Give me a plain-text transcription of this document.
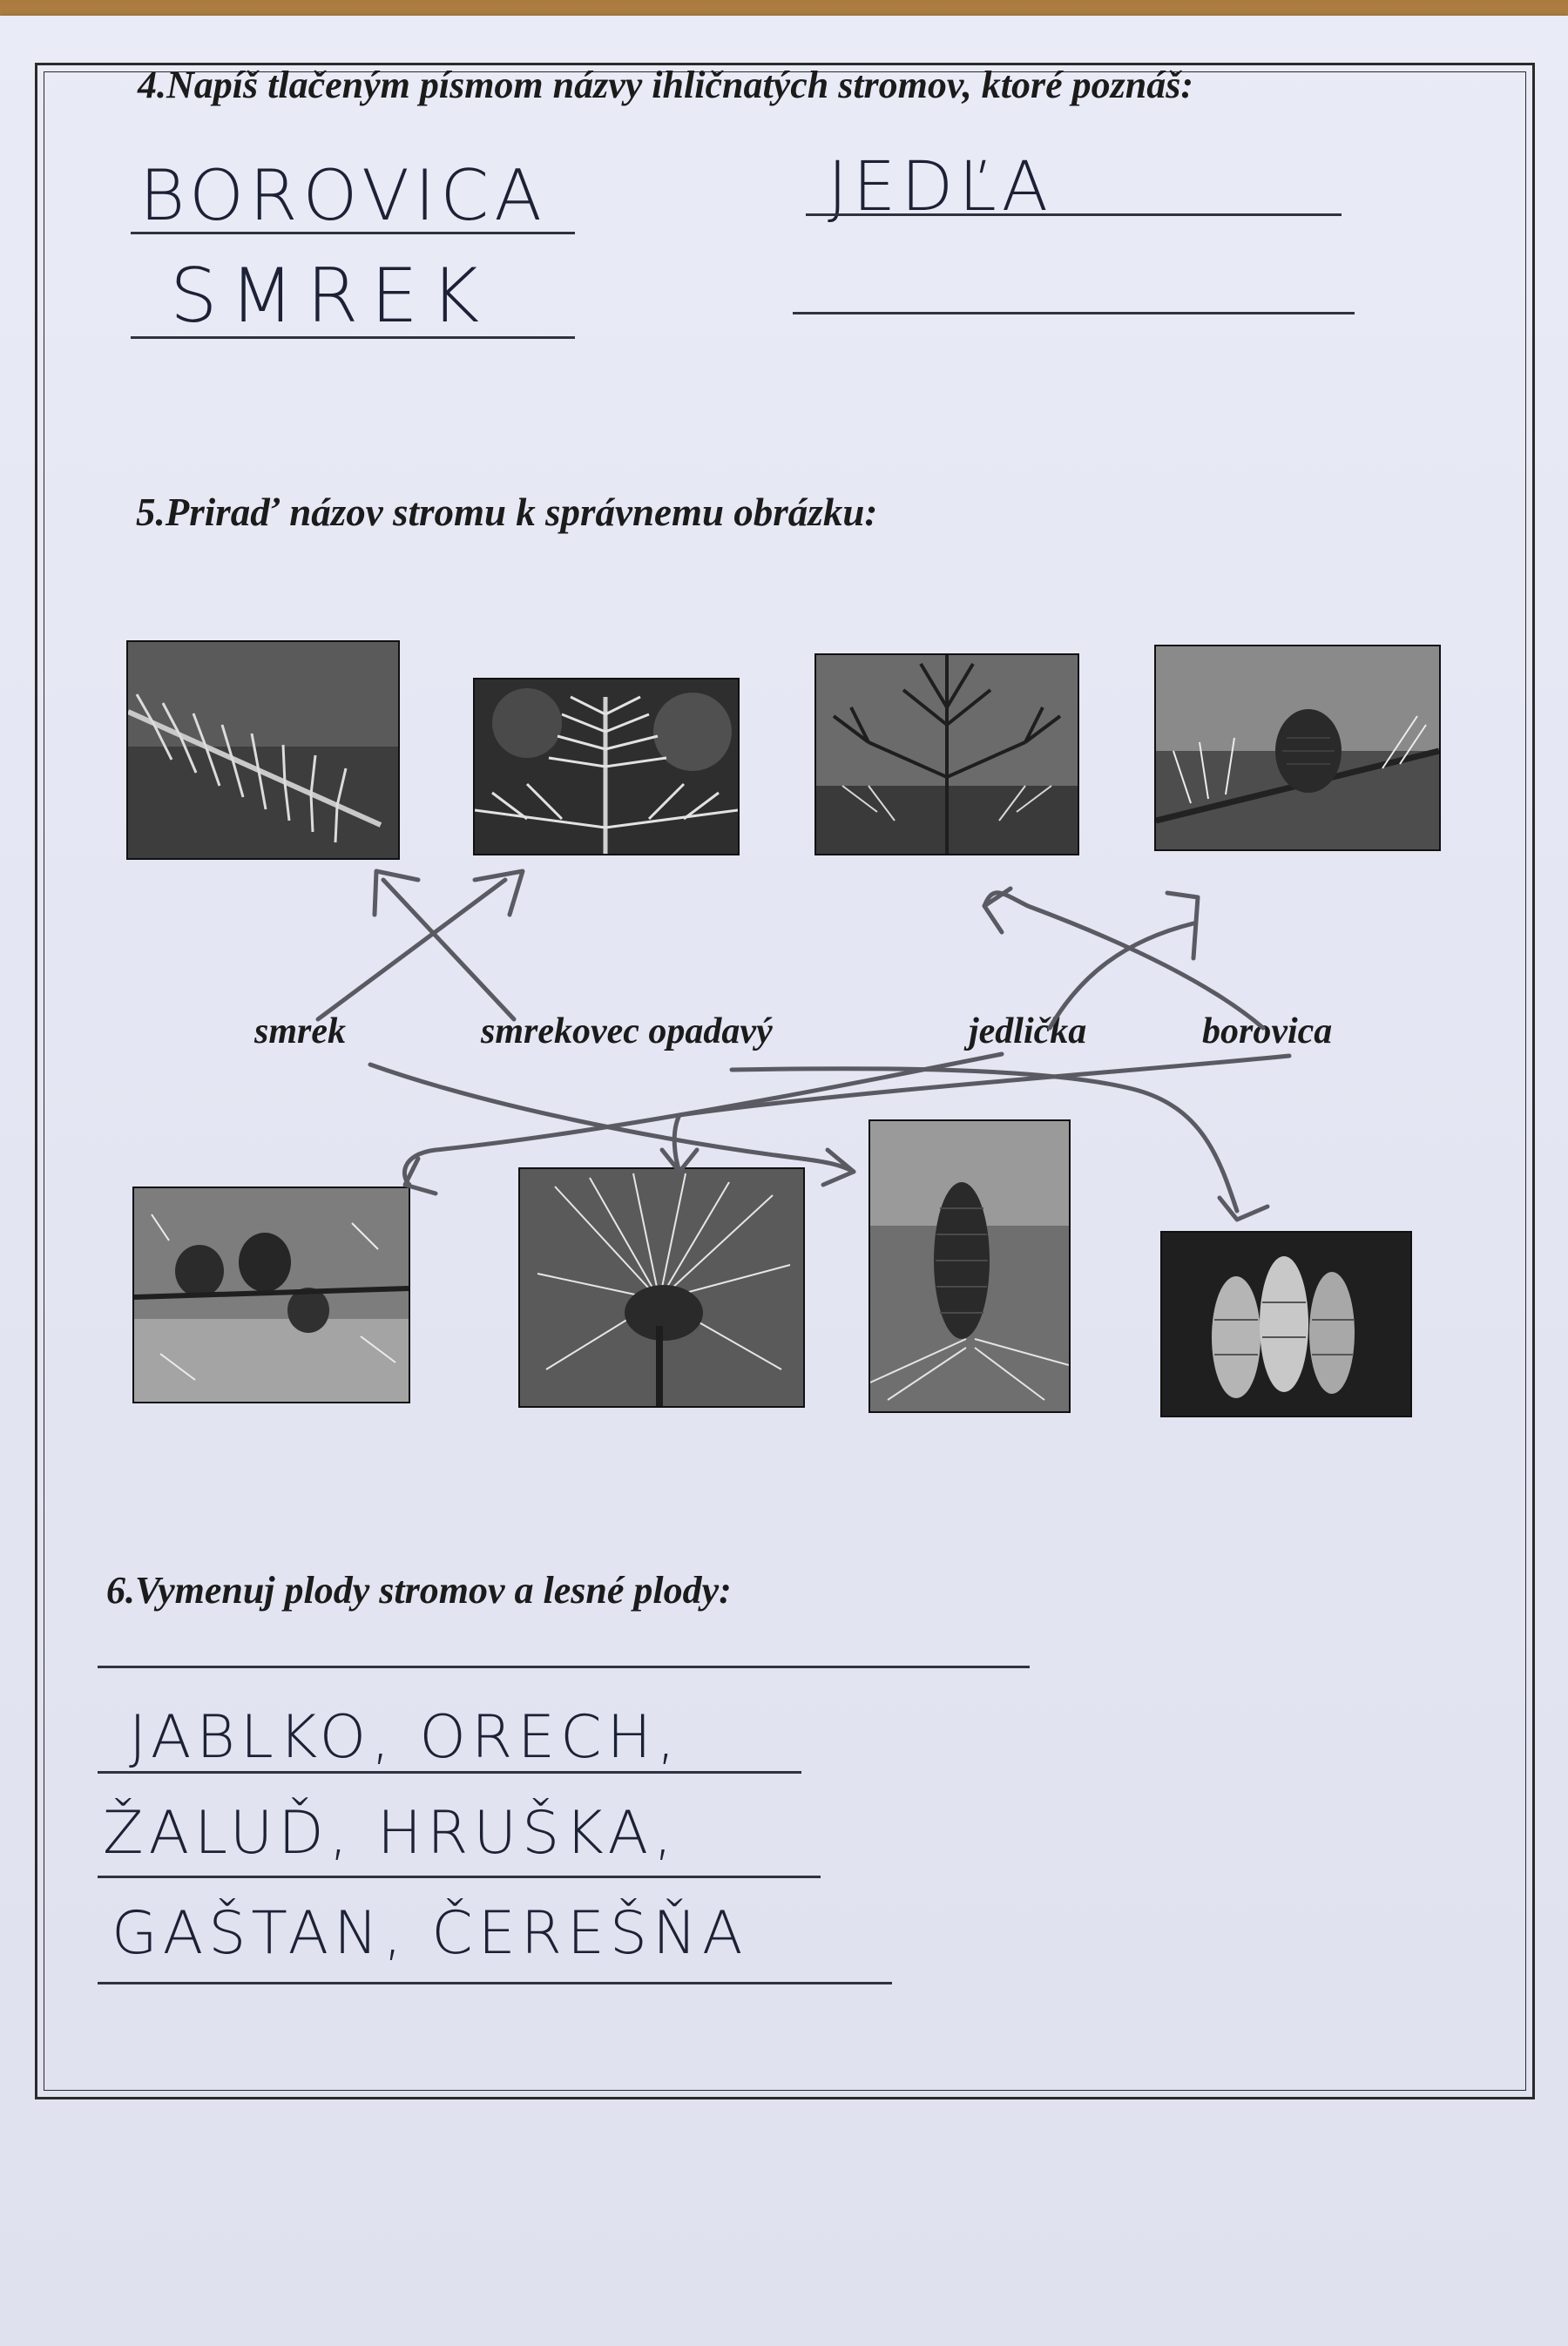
4.Napíš tlačeným písmom názvy ihličnatých stromov, ktoré poznáš:
BOROVICA	JEDĽA
SMREK
5.Priraď názov stromu k správnemu obrázku:
smrek	smrekovec opadavý	jedlička	borovica
6.Vymenuj plody stromov a lesné plody:
JABLKO, ORECH,
ŽALUĎ, HRUŠKA,
GAŠTAN, ČEREŠŇA
